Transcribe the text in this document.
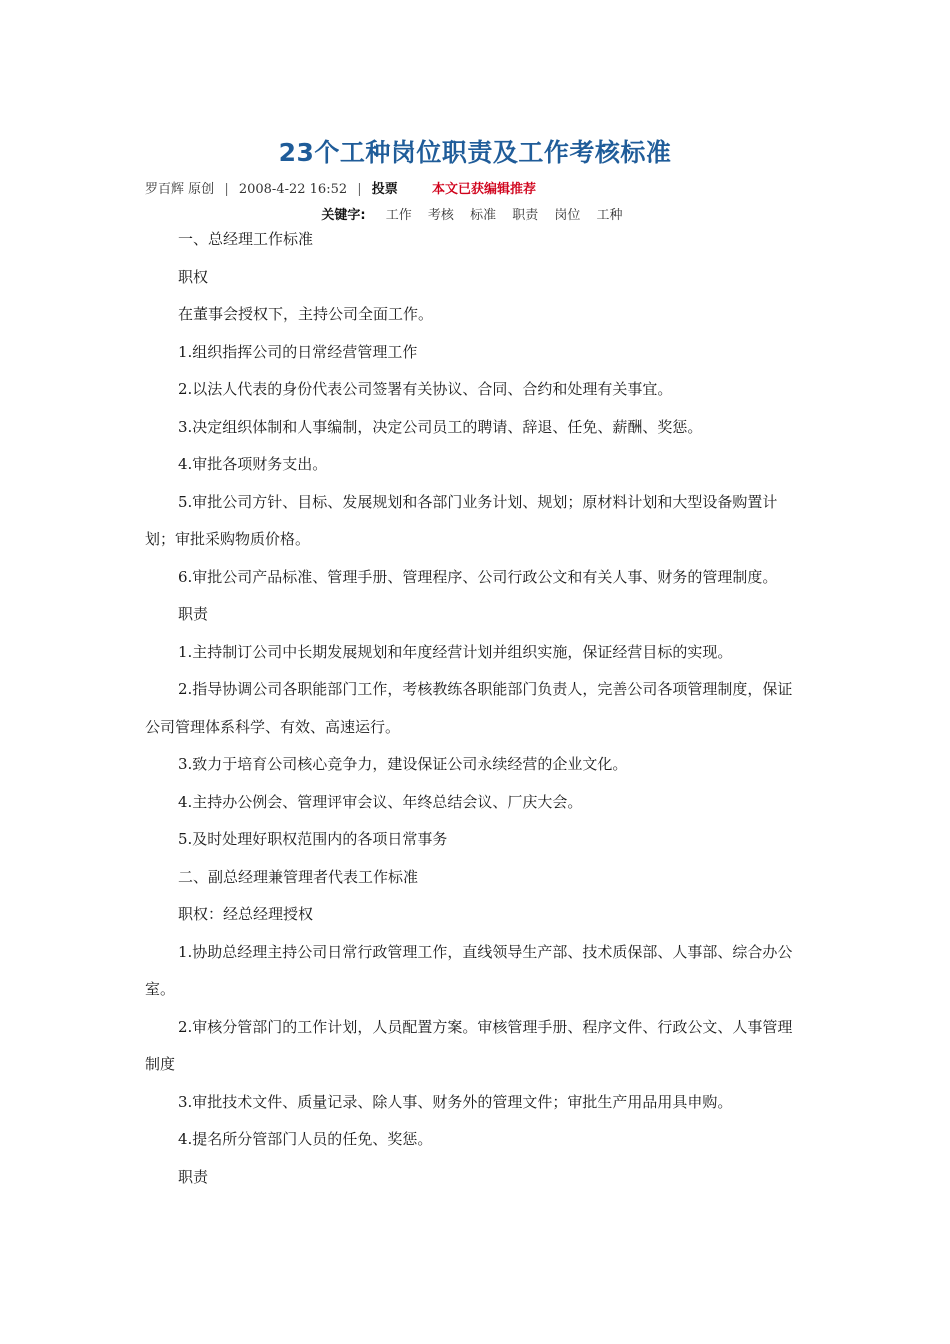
23个工种岗位职责及工作考核标准
罗百辉 原创 | 2008-4-22 16:52 | 投票	本文已获编辑推荐
关键字: 工作 考核 标准 职责 岗位 工种

一、总经理工作标准

职权

在董事会授权下，主持公司全面工作。

1.组织指挥公司的日常经营管理工作

2.以法人代表的身份代表公司签署有关协议、合同、合约和处理有关事宜。

3.决定组织体制和人事编制，决定公司员工的聘请、辞退、任免、薪酬、奖惩。

4.审批各项财务支出。

5.审批公司方针、目标、发展规划和各部门业务计划、规划；原材料计划和大型设备购置计划；审批采购物质价格。

6.审批公司产品标准、管理手册、管理程序、公司行政公文和有关人事、财务的管理制度。

职责

1.主持制订公司中长期发展规划和年度经营计划并组织实施，保证经营目标的实现。

2.指导协调公司各职能部门工作，考核教练各职能部门负责人，完善公司各项管理制度，保证公司管理体系科学、有效、高速运行。

3.致力于培育公司核心竞争力，建设保证公司永续经营的企业文化。

4.主持办公例会、管理评审会议、年终总结会议、厂庆大会。

5.及时处理好职权范围内的各项日常事务

二、副总经理兼管理者代表工作标准

职权：经总经理授权

1.协助总经理主持公司日常行政管理工作，直线领导生产部、技术质保部、人事部、综合办公室。

2.审核分管部门的工作计划，人员配置方案。审核管理手册、程序文件、行政公文、人事管理制度

3.审批技术文件、质量记录、除人事、财务外的管理文件；审批生产用品用具申购。

4.提名所分管部门人员的任免、奖惩。

职责
